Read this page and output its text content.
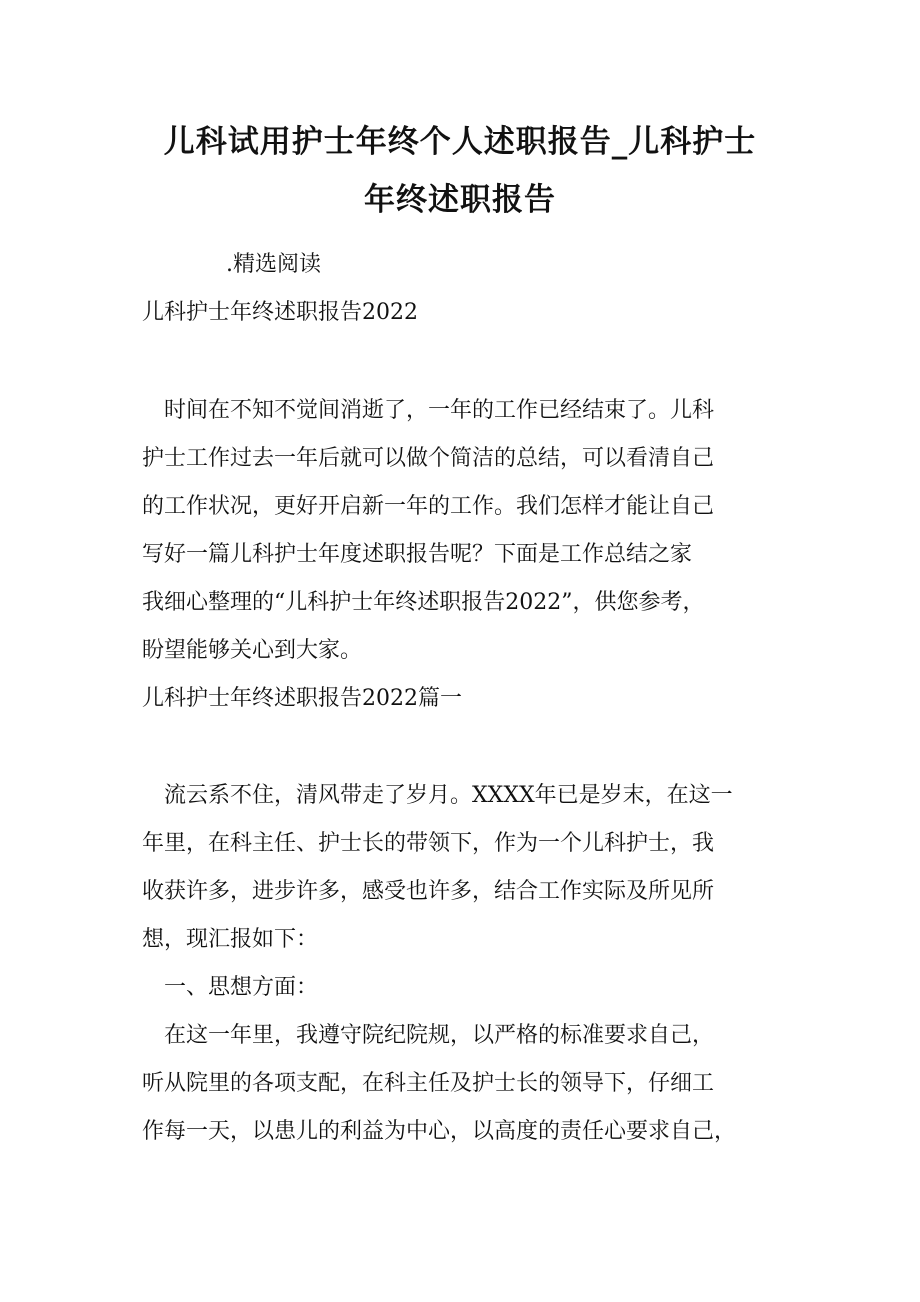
儿科试用护士年终个人述职报告_儿科护士
年终述职报告

.精选阅读

儿科护士年终述职报告2022

时间在不知不觉间消逝了，一年的工作已经结束了。儿科

护士工作过去一年后就可以做个简洁的总结，可以看清自己

的工作状况，更好开启新一年的工作。我们怎样才能让自己

写好一篇儿科护士年度述职报告呢？下面是工作总结之家

我细心整理的“儿科护士年终述职报告2022”，供您参考，

盼望能够关心到大家。

儿科护士年终述职报告2022篇一

流云系不住，清风带走了岁月。XXXX年已是岁末，在这一

年里，在科主任、护士长的带领下，作为一个儿科护士，我

收获许多，进步许多，感受也许多，结合工作实际及所见所

想，现汇报如下：

一、思想方面：

在这一年里，我遵守院纪院规，以严格的标准要求自己，

听从院里的各项支配，在科主任及护士长的领导下，仔细工

作每一天，以患儿的利益为中心，以高度的责任心要求自己，
